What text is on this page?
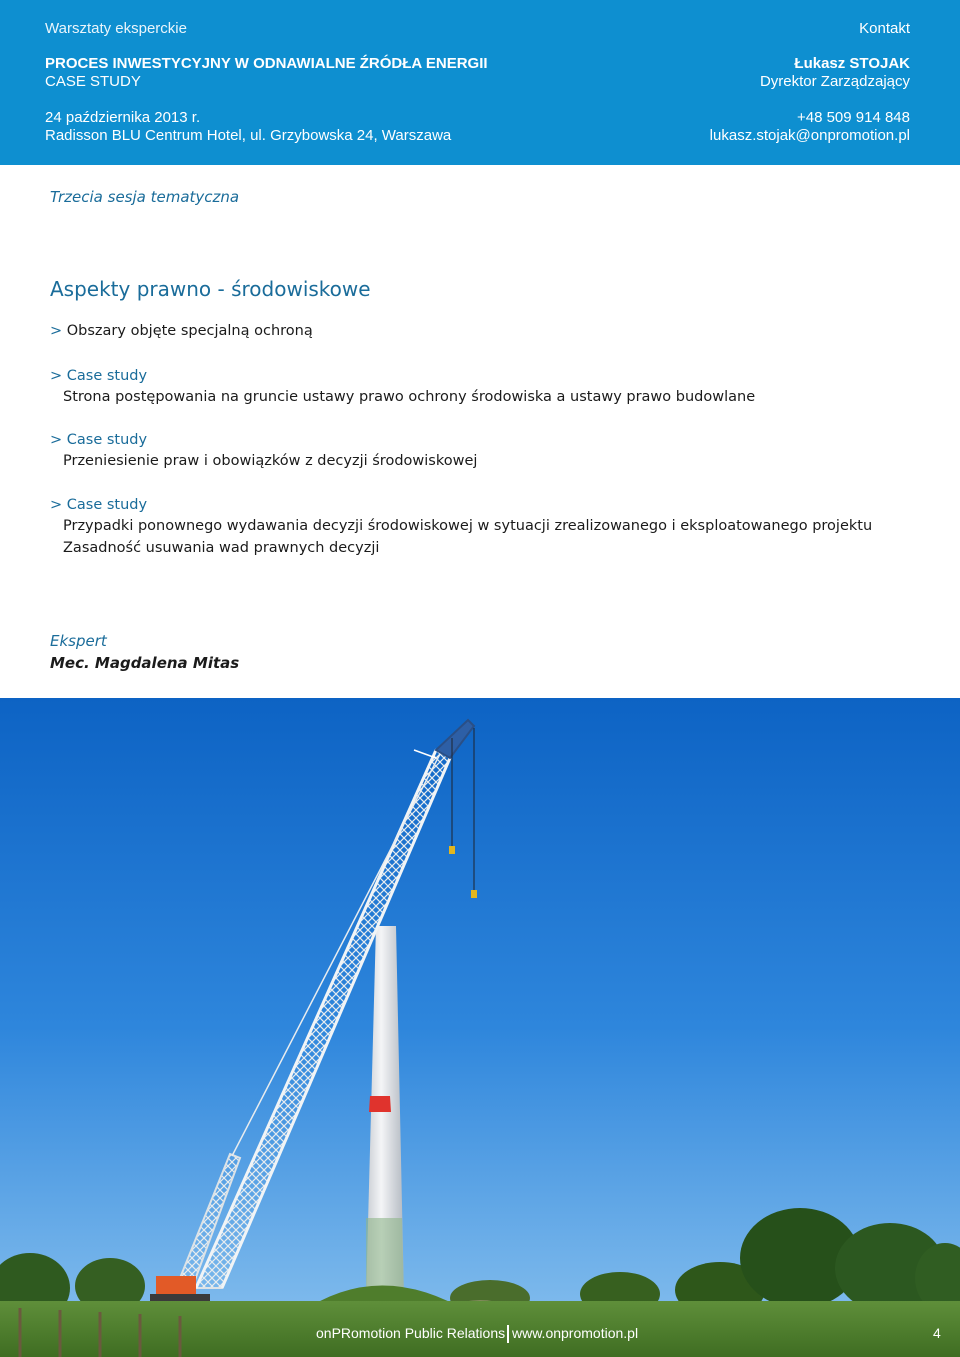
Warsztaty eksperckie	Kontakt
PROCES INWESTYCYJNY W ODNAWIALNE ŹRÓDŁA ENERGII	Łukasz STOJAK
CASE STUDY	Dyrektor Zarządzający
24 października 2013 r.	+48 509 914 848
Radisson BLU Centrum Hotel, ul. Grzybowska 24, Warszawa	lukasz.stojak@onpromotion.pl
Trzecia sesja tematyczna
Aspekty prawno - środowiskowe
> Obszary objęte specjalną ochroną
> Case study
Strona postępowania na gruncie ustawy prawo ochrony środowiska a ustawy prawo budowlane
> Case study
Przeniesienie praw i obowiązków z decyzji środowiskowej
> Case study
Przypadki ponownego wydawania decyzji środowiskowej w sytuacji zrealizowanego i eksploatowanego projektu
Zasadność usuwania wad prawnych decyzji
Ekspert
Mec. Magdalena Mitas
onPRomotion Public Relations www.onpromotion.pl	4
